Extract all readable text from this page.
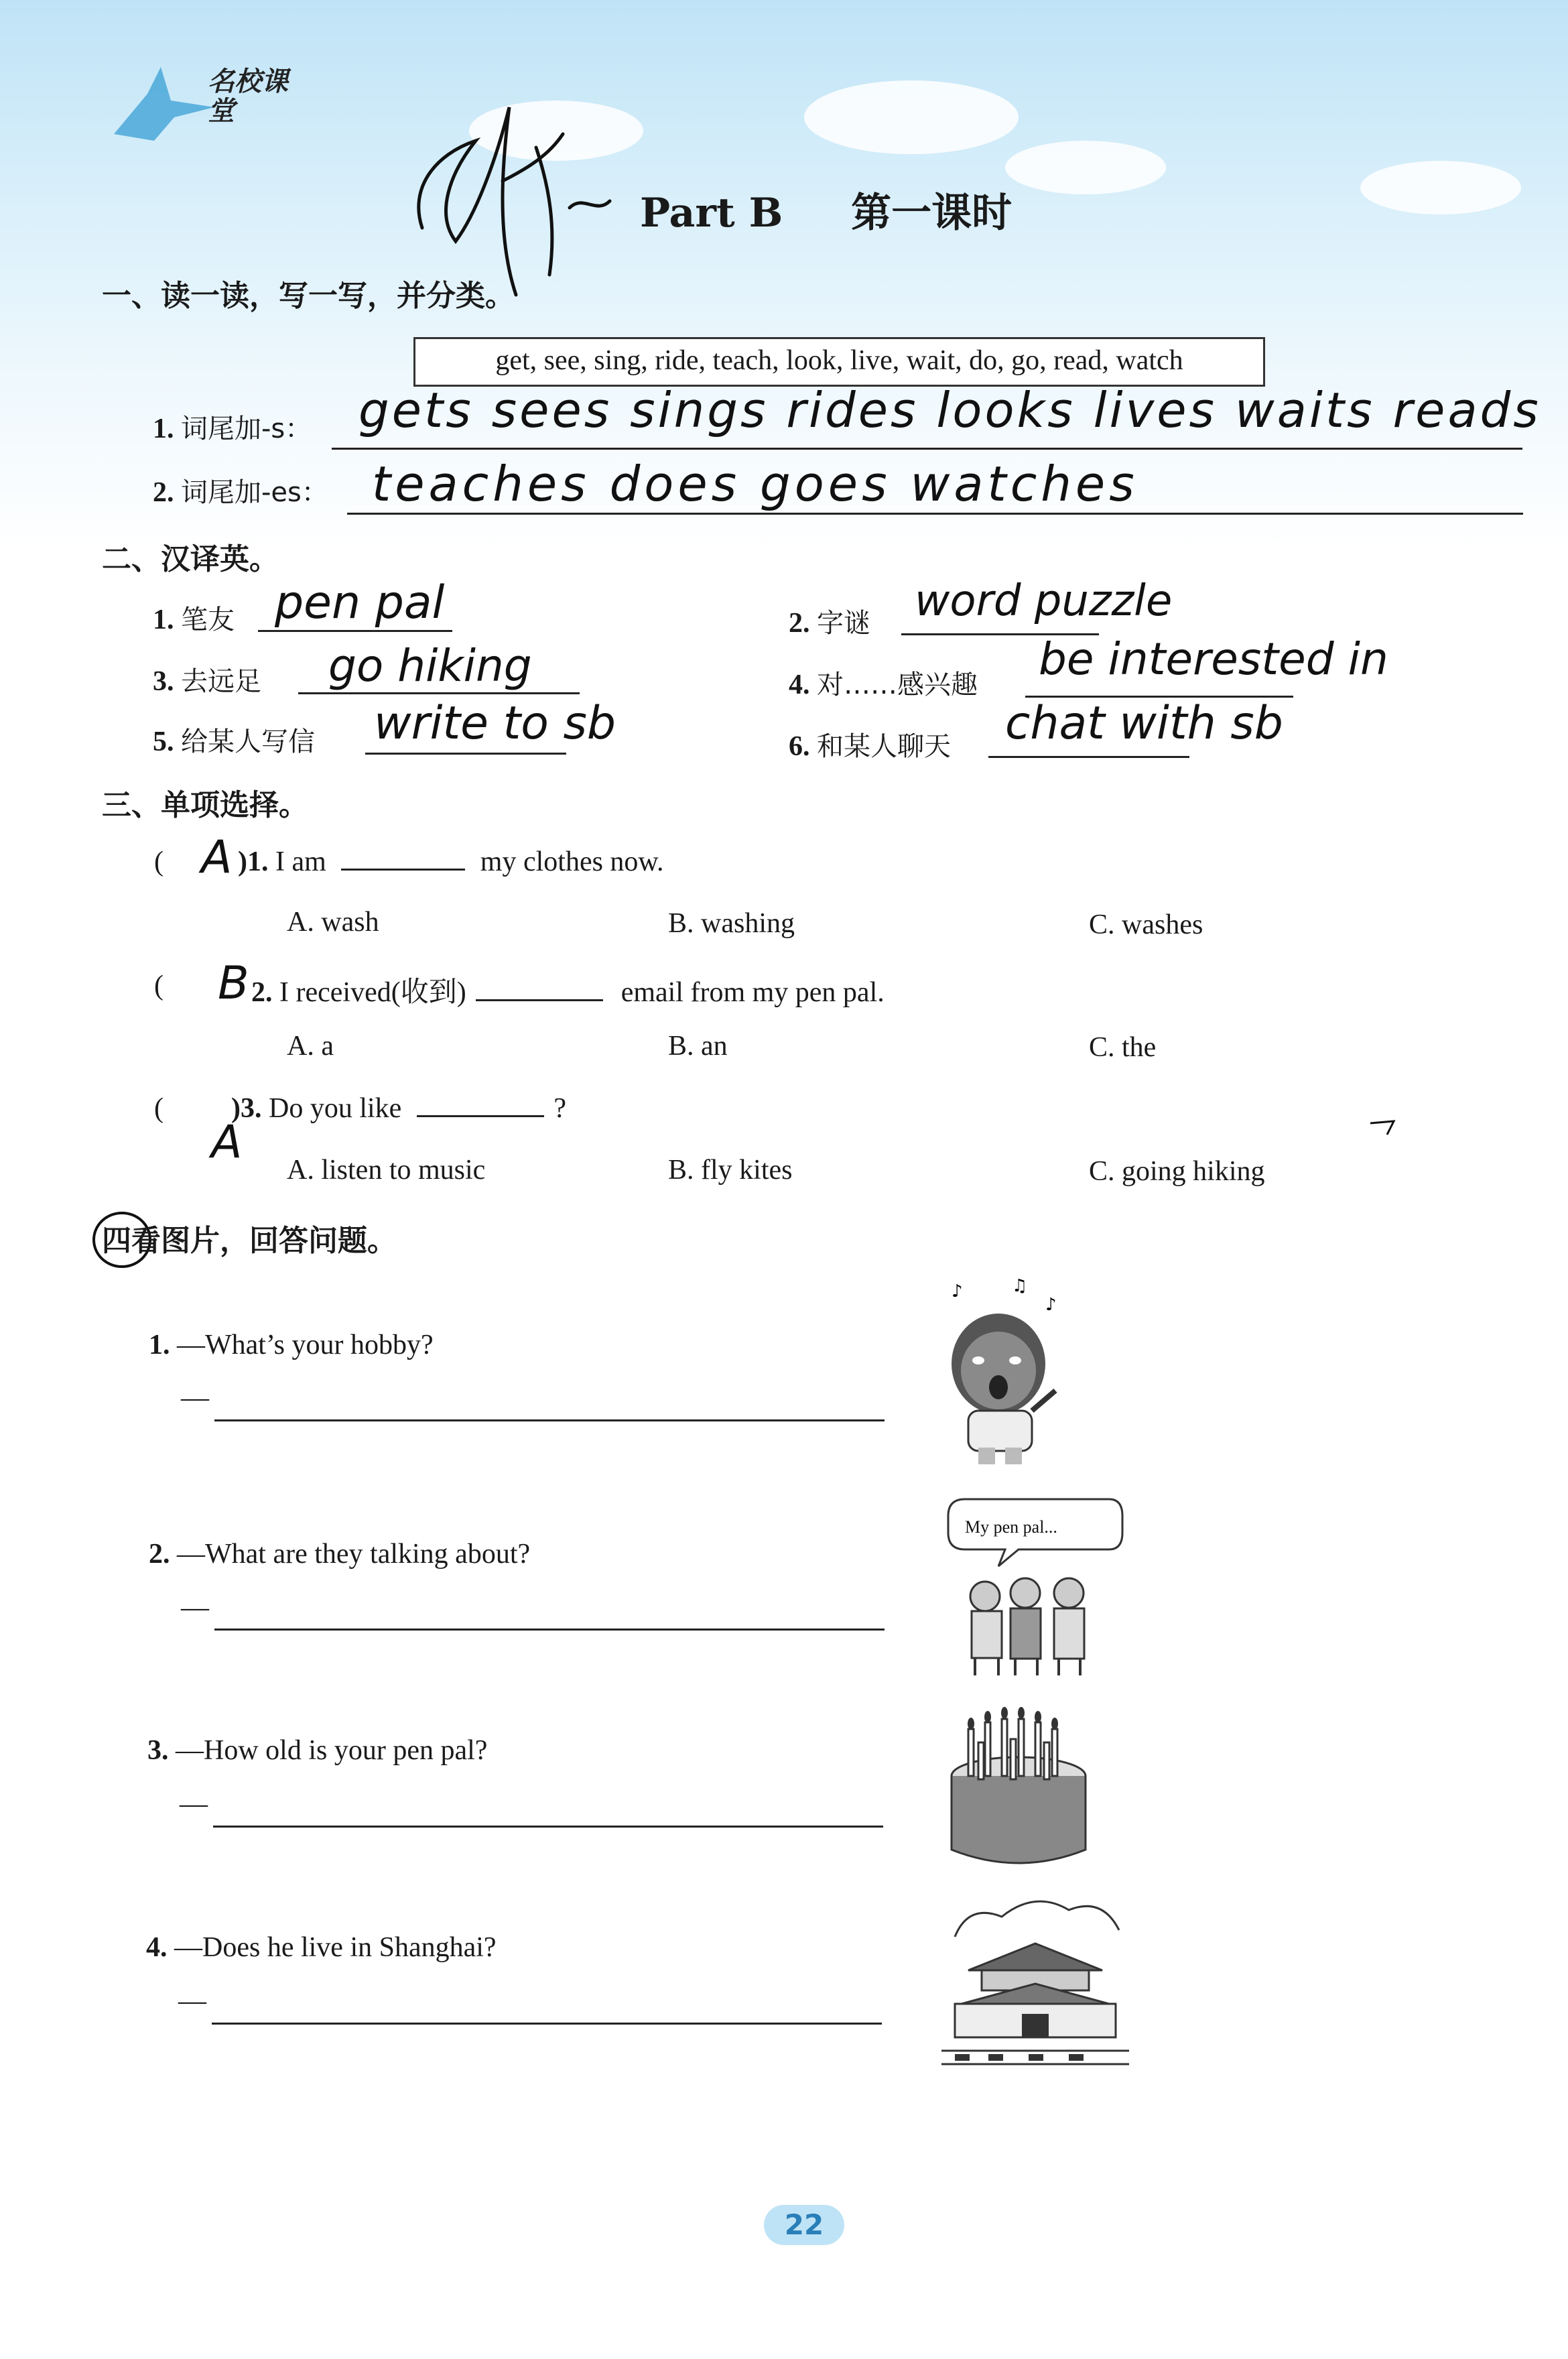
名校课堂
Part B 第一课时
一、读一读，写一写，并分类。
get, see, sing, ride, teach, look, live, wait, do, go, read, watch
1. 词尾加-s： gets sees sings rides looks lives waits reads
2. 词尾加-es： teaches does goes watches
二、汉译英。
1. 笔友 pen pal	2. 字谜 word puzzle
3. 去远足 go hiking	4. 对……感兴趣 be interested in
5. 给某人写信 write to sb	6. 和某人聊天 chat with sb
三、单项选择。
( A )1. I am	my clothes now.
A. wash	B. washing	C. washes
( B 2. I received(收到)	email from my pen pal.
A. a	B. an	C. the
(
A
)3. Do you like	?
A. listen to music	B. fly kites	C. going hiking
四看图片，回答问题。
1. —What’s your hobby?
—
2. —What are they talking about?
—
3. —How old is your pen pal?
—
4. —Does he live in Shanghai?
—
♪	♫
♪
My pen pal...
22
